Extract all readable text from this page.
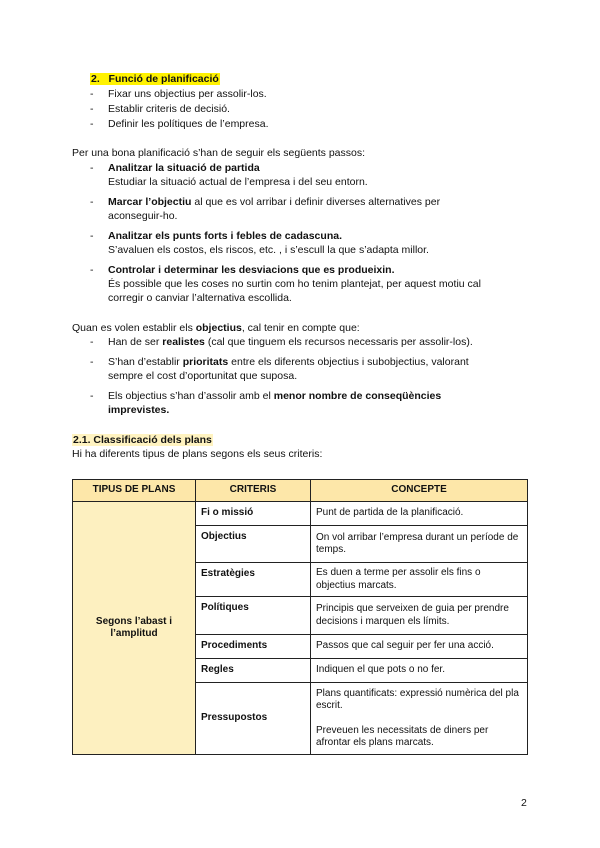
2. Funció de planificació
- Fixar uns objectius per assolir-los.
- Establir criteris de decisió.
- Definir les polítiques de l’empresa.
Per una bona planificació s’han de seguir els següents passos:
- Analitzar la situació de partida
Estudiar la situació actual de l’empresa i del seu entorn.
- Marcar l’objectiu al que es vol arribar i definir diverses alternatives per
aconseguir-ho.
- Analitzar els punts forts i febles de cadascuna.
S’avaluen els costos, els riscos, etc. , i s’escull la que s’adapta millor.
- Controlar i determinar les desviacions que es produeixin.
És possible que les coses no surtin com ho tenim plantejat, per aquest motiu cal
corregir o canviar l’alternativa escollida.
Quan es volen establir els objectius, cal tenir en compte que:
- Han de ser realistes (cal que tinguem els recursos necessaris per assolir-los).
- S’han d’establir prioritats entre els diferents objectius i subobjectius, valorant
sempre el cost d’oportunitat que suposa.
- Els objectius s’han d’assolir amb el menor nombre de conseqüències
imprevistes.
2.1. Classificació dels plans
Hi ha diferents tipus de plans segons els seus criteris:
TIPUS DE PLANS	CRITERIS	CONCEPTE
Segons l’abast i l’amplitud	Fi o missió	Punt de partida de la planificació.
	Objectius	On vol arribar l’empresa durant un període de temps.
	Estratègies	Es duen a terme per assolir els fins o objectius marcats.
	Polítiques	Principis que serveixen de guia per prendre decisions i marquen els límits.
	Procediments	Passos que cal seguir per fer una acció.
	Regles	Indiquen el que pots o no fer.
	Pressupostos	Plans quantificats: expressió numèrica del pla escrit.
Preveuen les necessitats de diners per afrontar els plans marcats.
2
